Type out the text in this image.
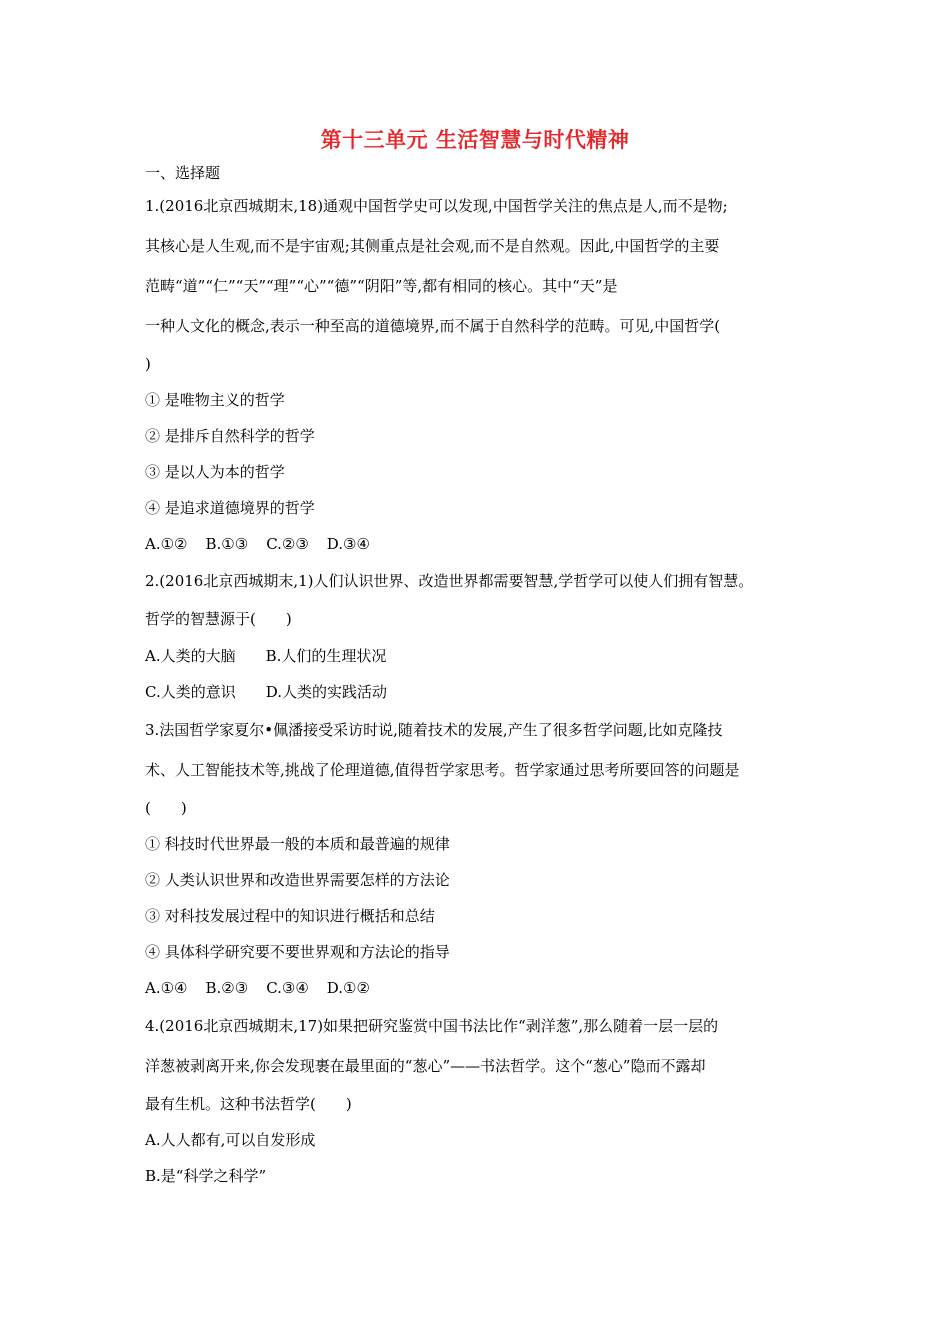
第十三单元 生活智慧与时代精神
一、选择题
1.(2016北京西城期末,18)通观中国哲学史可以发现,中国哲学关注的焦点是人,而不是物;
其核心是人生观,而不是宇宙观;其侧重点是社会观,而不是自然观。因此,中国哲学的主要
范畴“道”“仁”“天”“理”“心”“德”“阴阳”等,都有相同的核心。其中“天”是
一种人文化的概念,表示一种至高的道德境界,而不属于自然科学的范畴。可见,中国哲学(
)
① 是唯物主义的哲学
② 是排斥自然科学的哲学
③ 是以人为本的哲学
④ 是追求道德境界的哲学
A.①② B.①③ C.②③ D.③④
2.(2016北京西城期末,1)人们认识世界、改造世界都需要智慧,学哲学可以使人们拥有智慧。
哲学的智慧源于(　　)
A.人类的大脑 B.人们的生理状况
C.人类的意识 D.人类的实践活动
3.法国哲学家夏尔•佩潘接受采访时说,随着技术的发展,产生了很多哲学问题,比如克隆技
术、人工智能技术等,挑战了伦理道德,值得哲学家思考。哲学家通过思考所要回答的问题是
(　　)
① 科技时代世界最一般的本质和最普遍的规律
② 人类认识世界和改造世界需要怎样的方法论
③ 对科技发展过程中的知识进行概括和总结
④ 具体科学研究要不要世界观和方法论的指导
A.①④ B.②③ C.③④ D.①②
4.(2016北京西城期末,17)如果把研究鉴赏中国书法比作“剥洋葱”,那么随着一层一层的
洋葱被剥离开来,你会发现裹在最里面的“葱心”——书法哲学。这个“葱心”隐而不露却
最有生机。这种书法哲学(　　)
A.人人都有,可以自发形成
B.是“科学之科学”
